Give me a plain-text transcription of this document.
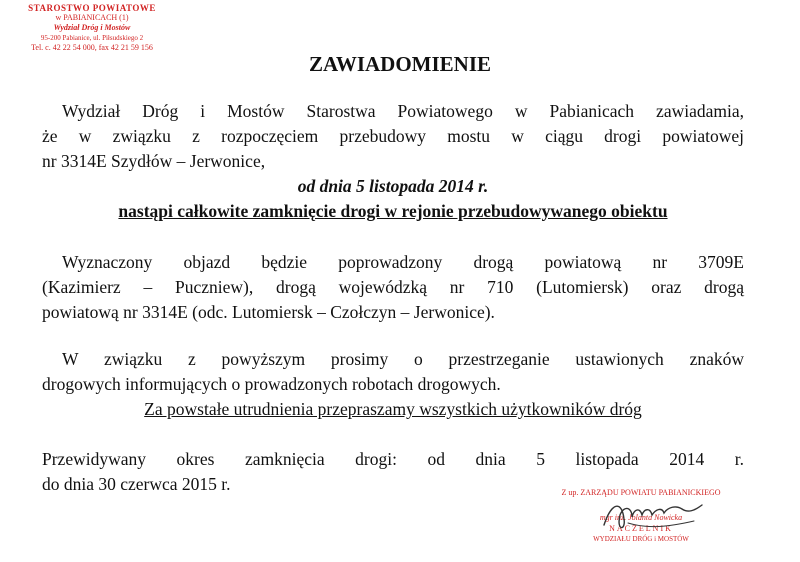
STAROSTWO POWIATOWE
w PABIANICACH (1)
Wydział Dróg i Mostów
95-200 Pabianice, ul. Piłsudskiego 2
Tel. c. 42 22 54 000, fax 42 21 59 156
ZAWIADOMIENIE
Wydział Dróg i Mostów Starostwa Powiatowego w Pabianicach zawiadamia,
że w związku z rozpoczęciem przebudowy mostu w ciągu drogi powiatowej
nr 3314E Szydłów – Jerwonice,
od dnia 5 listopada 2014 r.
nastąpi całkowite zamknięcie drogi w rejonie przebudowywanego obiektu
Wyznaczony objazd będzie poprowadzony drogą powiatową nr 3709E
(Kazimierz – Puczniew), drogą wojewódzką nr 710 (Lutomiersk) oraz drogą
powiatową nr 3314E (odc. Lutomiersk – Czołczyn – Jerwonice).
W związku z powyższym prosimy o przestrzeganie ustawionych znaków
drogowych informujących o prowadzonych robotach drogowych.
Za powstałe utrudnienia przepraszamy wszystkich użytkowników dróg
Przewidywany okres zamknięcia drogi: od dnia 5 listopada 2014 r.
do dnia 30 czerwca 2015 r.	Z up. ZARZĄDU POWIATU PABIANICKIEGO
mgr inż. Jolanta Nowicka
NACZELNIK
WYDZIAŁU DRÓG i MOSTÓW
